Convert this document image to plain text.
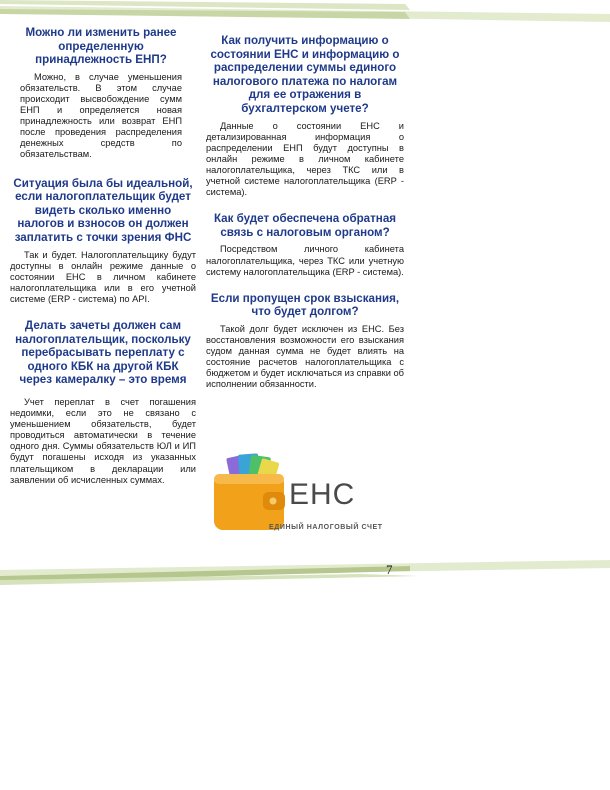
Можно ли изменить ранее определенную принадлежность ЕНП?

Можно, в случае уменьшения обязательств. В этом случае происходит высвобождение сумм ЕНП и определяется новая принадлежность или возврат ЕНП после проведения распределения денежных средств по обязательствам.

Ситуация была бы идеальной, если налогоплательщик будет видеть сколько именно налогов и взносов он должен заплатить с точки зрения ФНС

Так и будет. Налогоплательщику будут доступны в онлайн режиме данные о состоянии ЕНС в личном кабинете налогоплательщика или в его учетной системе (ERP - система) по API.

Делать зачеты должен сам налогоплательщик, поскольку перебрасывать переплату с одного КБК на другой КБК через камералку – это время

Учет переплат в счет погашения недоимки, если это не связано с уменьшением обязательств, будет проводиться автоматически в течение одного дня. Суммы обязательств ЮЛ и ИП будут погашены исходя из указанных плательщиком в декларации или заявлении об исчисленных суммах.

Как получить информацию о состоянии ЕНС и информацию о распределении суммы единого налогового платежа по налогам для ее отражения в бухгалтерском учете?

Данные о состоянии ЕНС и детализированная информация о распределении ЕНП будут доступны в онлайн режиме в личном кабинете налогоплательщика, через ТКС или в учетной системе налогоплательщика (ERP - система).

Как будет обеспечена обратная связь с налоговым органом?

Посредством личного кабинета налогоплательщика, через ТКС или учетную систему налогоплательщика (ERP - система).

Если пропущен срок взыскания, что будет долгом?

Такой долг будет исключен из ЕНС. Без восстановления возможности его взыскания судом данная сумма не будет влиять на состояние расчетов налогоплательщика с бюджетом и будет исключаться из справки об исполнении обязанности.

ЕНС
ЕДИНЫЙ НАЛОГОВЫЙ СЧЕТ
7
